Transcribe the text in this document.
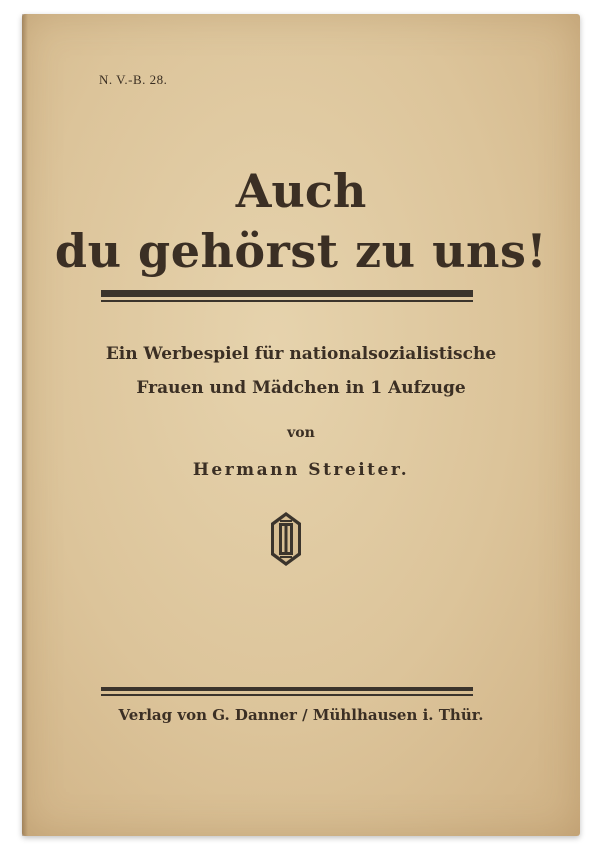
N. V.-B. 28.
Auch
du gehörst zu uns!
Ein Werbespiel für nationalsozialistische
Frauen und Mädchen in 1 Aufzuge
von
Hermann Streiter.
Verlag von G. Danner / Mühlhausen i. Thür.
